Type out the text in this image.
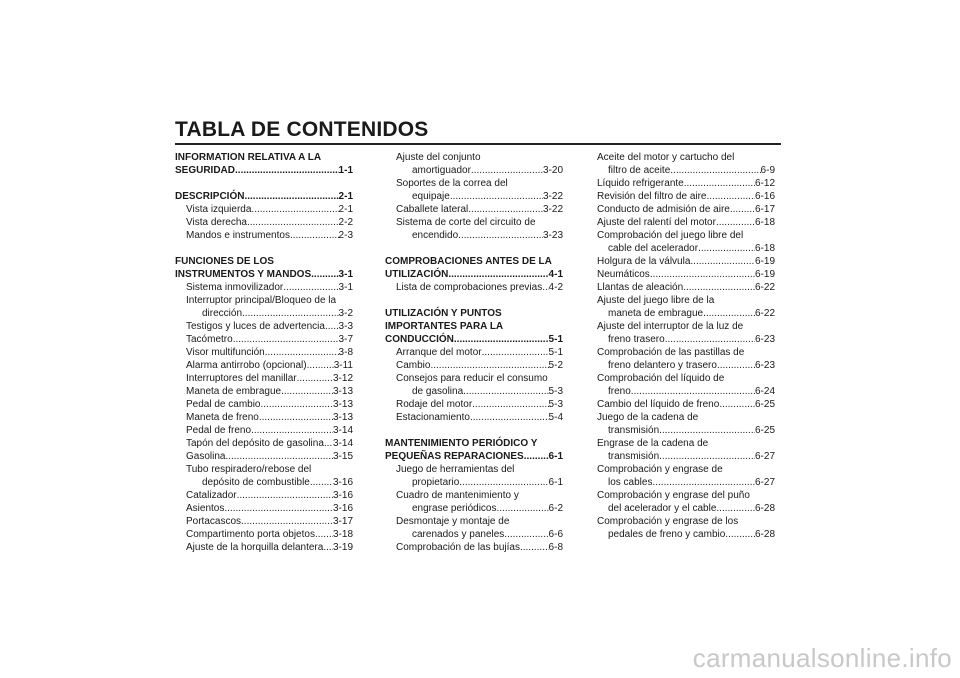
TABLA DE CONTENIDOS
INFORMATION RELATIVA A LA
SEGURIDAD .....	1-1
DESCRIPCIÓN .....	2-1
Vista izquierda .....	2-1
Vista derecha .....	2-2
Mandos e instrumentos .....	2-3
FUNCIONES DE LOS
INSTRUMENTOS Y MANDOS .....	3-1
Sistema inmovilizador .....	3-1
Interruptor principal/Bloqueo de la
dirección .....	3-2
Testigos y luces de advertencia ..... 3-3
Tacómetro .....	3-7
Visor multifunción .....	3-8
Alarma antirrobo (opcional) .....	3-11
Interruptores del manillar .....	3-12
Maneta de embrague .....	3-13
Pedal de cambio .....	3-13
Maneta de freno .....	3-13
Pedal de freno .....	3-14
Tapón del depósito de gasolina ..... 3-14
Gasolina .....	3-15
Tubo respiradero/rebose del
depósito de combustible ..... 3-16
Catalizador .....	3-16
Asientos .....	3-16
Portacascos .....	3-17
Compartimento porta objetos ..... 3-18
Ajuste de la horquilla delantera ..... 3-19
Ajuste del conjunto
amortiguador .....	3-20
Soportes de la correa del
equipaje .....	3-22
Caballete lateral .....	3-22
Sistema de corte del circuito de
encendido .....	3-23
COMPROBACIONES ANTES DE LA
UTILIZACIÓN .....	4-1
Lista de comprobaciones previas ..... 4-2
UTILIZACIÓN Y PUNTOS
IMPORTANTES PARA LA
CONDUCCIÓN .....	5-1
Arranque del motor .....	5-1
Cambio .....	5-2
Consejos para reducir el consumo
de gasolina .....	5-3
Rodaje del motor .....	5-3
Estacionamiento .....	5-4
MANTENIMIENTO PERIÓDICO Y
PEQUEÑAS REPARACIONES ..... 6-1
Juego de herramientas del
propietario .....	6-1
Cuadro de mantenimiento y
engrase periódicos .....	6-2
Desmontaje y montaje de
carenados y paneles .....	6-6
Comprobación de las bujías .....	6-8
Aceite del motor y cartucho del
filtro de aceite .....	6-9
Líquido refrigerante .....	6-12
Revisión del filtro de aire .....	6-16
Conducto de admisión de aire .....	6-17
Ajuste del ralentí del motor .....	6-18
Comprobación del juego libre del
cable del acelerador .....	6-18
Holgura de la válvula .....	6-19
Neumáticos .....	6-19
Llantas de aleación .....	6-22
Ajuste del juego libre de la
maneta de embrague .....	6-22
Ajuste del interruptor de la luz de
freno trasero .....	6-23
Comprobación de las pastillas de
freno delantero y trasero .....	6-23
Comprobación del líquido de
freno .....	6-24
Cambio del líquido de freno .....	6-25
Juego de la cadena de
transmisión .....	6-25
Engrase de la cadena de
transmisión .....	6-27
Comprobación y engrase de
los cables .....	6-27
Comprobación y engrase del puño
del acelerador y el cable .....	6-28
Comprobación y engrase de los
pedales de freno y cambio .....	6-28
carmanualsonline.info
